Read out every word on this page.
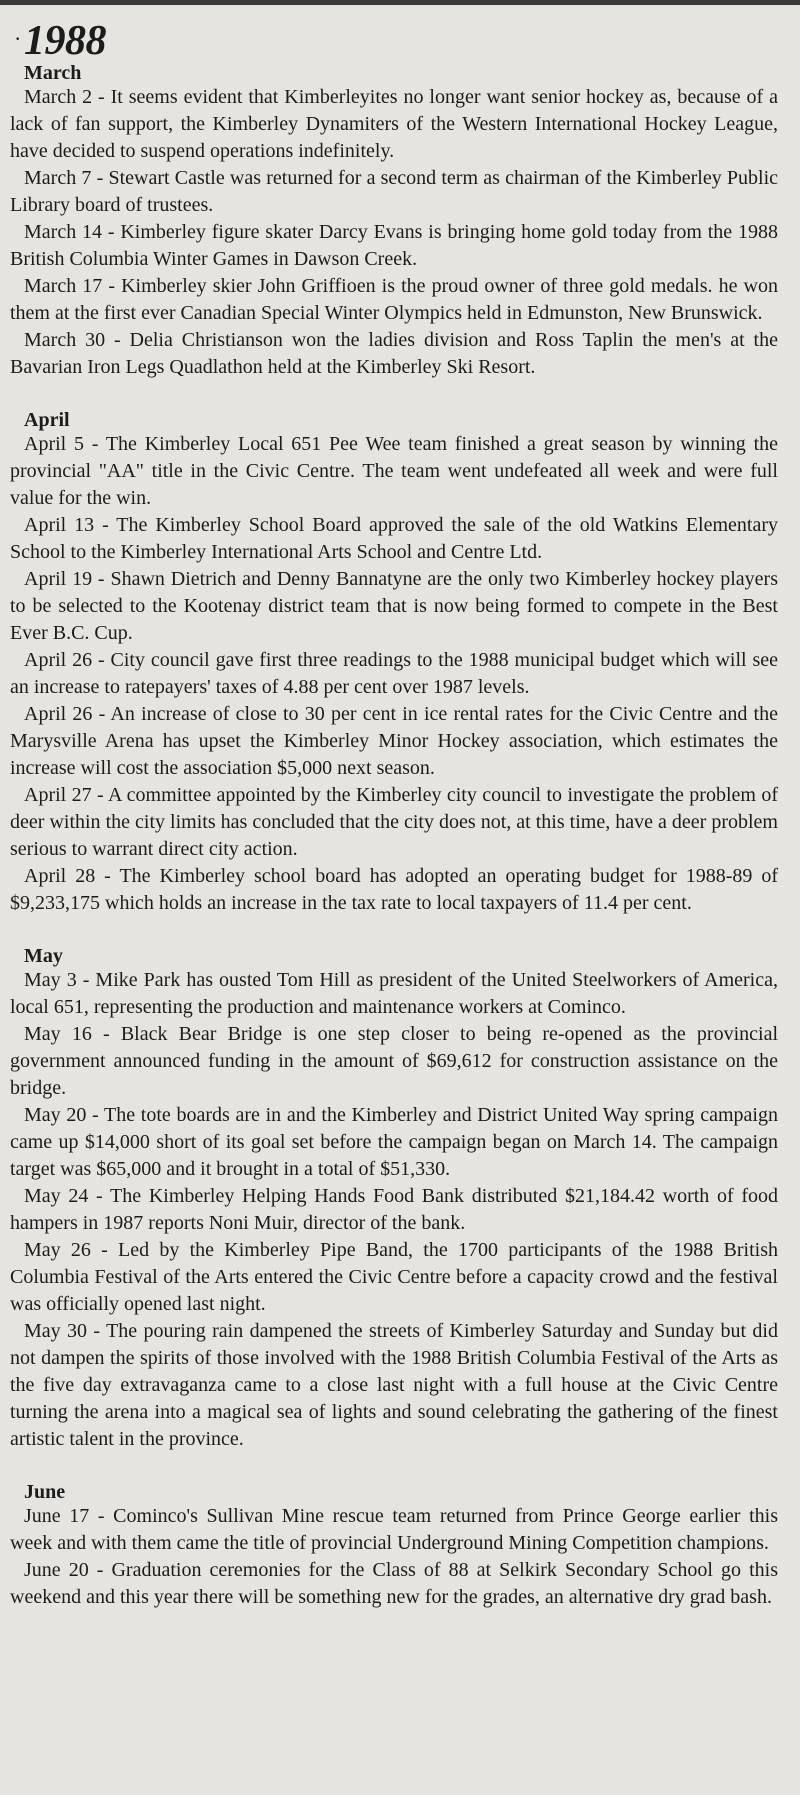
· 1988
March

March 2 - It seems evident that Kimberleyites no longer want senior hockey as, because of a lack of fan support, the Kimberley Dynamiters of the Western International Hockey League, have decided to suspend operations indefinitely.

March 7 - Stewart Castle was returned for a second term as chairman of the Kimberley Public Library board of trustees.

March 14 - Kimberley figure skater Darcy Evans is bringing home gold today from the 1988 British Columbia Winter Games in Dawson Creek.

March 17 - Kimberley skier John Griffioen is the proud owner of three gold medals. he won them at the first ever Canadian Special Winter Olympics held in Edmunston, New Brunswick.

March 30 - Delia Christianson won the ladies division and Ross Taplin the men's at the Bavarian Iron Legs Quadlathon held at the Kimberley Ski Resort.

April

April 5 - The Kimberley Local 651 Pee Wee team finished a great season by winning the provincial "AA" title in the Civic Centre. The team went undefeated all week and were full value for the win.

April 13 - The Kimberley School Board approved the sale of the old Watkins Elementary School to the Kimberley International Arts School and Centre Ltd.

April 19 - Shawn Dietrich and Denny Bannatyne are the only two Kimberley hockey players to be selected to the Kootenay district team that is now being formed to compete in the Best Ever B.C. Cup.

April 26 - City council gave first three readings to the 1988 municipal budget which will see an increase to ratepayers' taxes of 4.88 per cent over 1987 levels.

April 26 - An increase of close to 30 per cent in ice rental rates for the Civic Centre and the Marysville Arena has upset the Kimberley Minor Hockey association, which estimates the increase will cost the association $5,000 next season.

April 27 - A committee appointed by the Kimberley city council to investigate the problem of deer within the city limits has concluded that the city does not, at this time, have a deer problem serious to warrant direct city action.

April 28 - The Kimberley school board has adopted an operating budget for 1988-89 of $9,233,175 which holds an increase in the tax rate to local taxpayers of 11.4 per cent.

May

May 3 - Mike Park has ousted Tom Hill as president of the United Steelworkers of America, local 651, representing the production and maintenance workers at Cominco.

May 16 - Black Bear Bridge is one step closer to being re-opened as the provincial government announced funding in the amount of $69,612 for construction assistance on the bridge.

May 20 - The tote boards are in and the Kimberley and District United Way spring campaign came up $14,000 short of its goal set before the campaign began on March 14. The campaign target was $65,000 and it brought in a total of $51,330.

May 24 - The Kimberley Helping Hands Food Bank distributed $21,184.42 worth of food hampers in 1987 reports Noni Muir, director of the bank.

May 26 - Led by the Kimberley Pipe Band, the 1700 participants of the 1988 British Columbia Festival of the Arts entered the Civic Centre before a capacity crowd and the festival was officially opened last night.

May 30 - The pouring rain dampened the streets of Kimberley Saturday and Sunday but did not dampen the spirits of those involved with the 1988 British Columbia Festival of the Arts as the five day extravaganza came to a close last night with a full house at the Civic Centre turning the arena into a magical sea of lights and sound celebrating the gathering of the finest artistic talent in the province.

June

June 17 - Cominco's Sullivan Mine rescue team returned from Prince George earlier this week and with them came the title of provincial Underground Mining Competition champions.

June 20 - Graduation ceremonies for the Class of 88 at Selkirk Secondary School go this weekend and this year there will be something new for the grades, an alternative dry grad bash.
